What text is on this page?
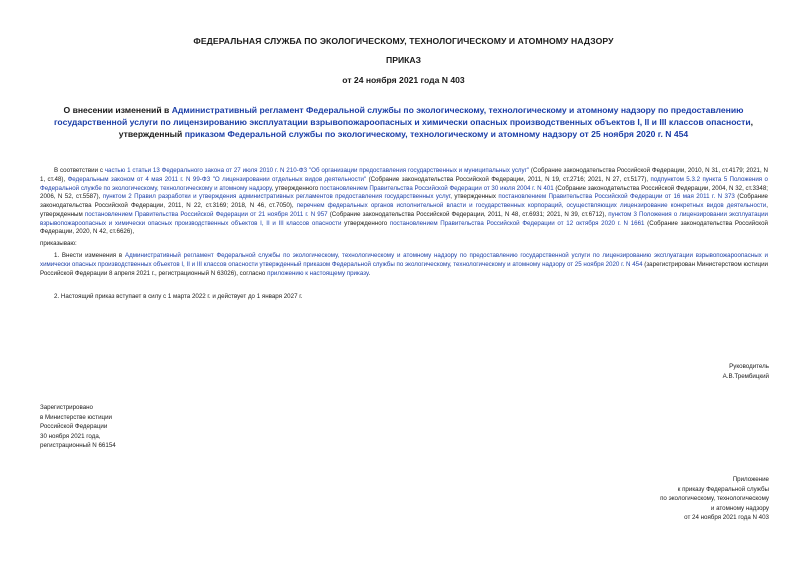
ФЕДЕРАЛЬНАЯ СЛУЖБА ПО ЭКОЛОГИЧЕСКОМУ, ТЕХНОЛОГИЧЕСКОМУ И АТОМНОМУ НАДЗОРУ
ПРИКАЗ
от 24 ноября 2021 года N 403
О внесении изменений в Административный регламент Федеральной службы по экологическому, технологическому и атомному надзору по предоставлению государственной услуги по лицензированию эксплуатации взрывопожароопасных и химически опасных производственных объектов I, II и III классов опасности, утвержденный приказом Федеральной службы по экологическому, технологическому и атомному надзору от 25 ноября 2020 г. N 454
В соответствии с частью 1 статьи 13 Федерального закона от 27 июля 2010 г. N 210-ФЗ "Об организации предоставления государственных и муниципальных услуг" (Собрание законодательства Российской Федерации, 2010, N 31, ст.4179; 2021, N 1, ст.48), Федеральным законом от 4 мая 2011 г. N 99-ФЗ "О лицензировании отдельных видов деятельности" (Собрание законодательства Российской Федерации, 2011, N 19, ст.2716; 2021, N 27, ст.5177), подпунктом 5.3.2 пункта 5 Положения о Федеральной службе по экологическому, технологическому и атомному надзору, утвержденного постановлением Правительства Российской Федерации от 30 июля 2004 г. N 401 (Собрание законодательства Российской Федерации, 2004, N 32, ст.3348; 2006, N 52, ст.5587), пунктом 2 Правил разработки и утверждения административных регламентов предоставления государственных услуг, утвержденных постановлением Правительства Российской Федерации от 16 мая 2011 г. N 373 (Собрание законодательства Российской Федерации, 2011, N 22, ст.3169; 2018, N 46, ст.7050), перечнем федеральных органов исполнительной власти и государственных корпораций, осуществляющих лицензирование конкретных видов деятельности, утвержденным постановлением Правительства Российской Федерации от 21 ноября 2011 г. N 957 (Собрание законодательства Российской Федерации, 2011, N 48, ст.6931; 2021, N 39, ст.6712), пунктом 3 Положения о лицензировании эксплуатации взрывопожароопасных и химически опасных производственных объектов I, II и III классов опасности утвержденного постановлением Правительства Российской Федерации от 12 октября 2020 г. N 1661 (Собрание законодательства Российской Федерации, 2020, N 42, ст.6626),
приказываю:
1. Внести изменения в Административный регламент Федеральной службы по экологическому, технологическому и атомному надзору по предоставлению государственной услуги по лицензированию эксплуатации взрывопожароопасных и химически опасных производственных объектов I, II и III классов опасности утвержденный приказом Федеральной службы по экологическому, технологическому и атомному надзору от 25 ноября 2020 г. N 454 (зарегистрирован Министерством юстиции Российской Федерации 8 апреля 2021 г., регистрационный N 63026), согласно приложению к настоящему приказу.
2. Настоящий приказ вступает в силу с 1 марта 2022 г. и действует до 1 января 2027 г.
Руководитель
А.В.Трембицкий
Зарегистрировано
в Министерстве юстиции
Российской Федерации
30 ноября 2021 года,
регистрационный N 66154
Приложение
к приказу Федеральной службы
по экологическому, технологическому
и атомному надзору
от 24 ноября 2021 года N 403
